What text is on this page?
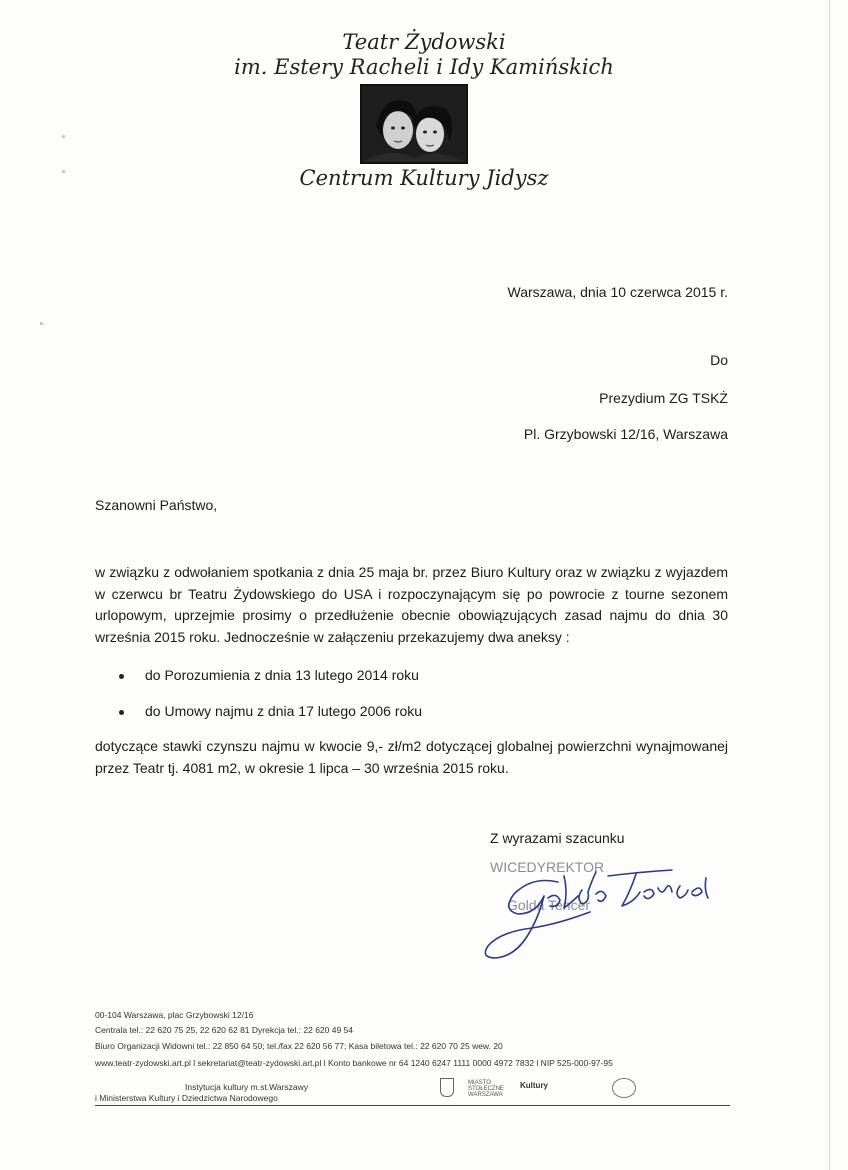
Teatr Żydowski
im. Estery Racheli i Idy Kamińskich
Centrum Kultury Jidysz
Warszawa, dnia 10 czerwca 2015 r.
Do
Prezydium ZG TSKŻ
Pl. Grzybowski 12/16, Warszawa
Szanowni Państwo,
w związku z odwołaniem spotkania z dnia 25 maja br. przez Biuro Kultury oraz w związku z wyjazdem w czerwcu br Teatru Żydowskiego do USA i rozpoczynającym się po powrocie z tourne sezonem urlopowym, uprzejmie prosimy o przedłużenie obecnie obowiązujących zasad najmu do dnia 30 września 2015 roku. Jednocześnie w załączeniu przekazujemy dwa aneksy :
do Porozumienia z dnia 13 lutego 2014 roku
do Umowy najmu z dnia 17 lutego 2006 roku
dotyczące stawki czynszu najmu w kwocie 9,- zł/m2 dotyczącej globalnej powierzchni wynajmowanej przez Teatr tj. 4081 m2, w okresie 1 lipca – 30 września 2015 roku.
Z wyrazami szacunku
WICEDYREKTOR
Golda Tencer
00-104 Warszawa, plac Grzybowski 12/16
Centrala tel.: 22 620 75 25, 22 620 62 81 Dyrekcja tel.: 22 620 49 54
Biuro Organizacji Widowni tel.: 22 850 64 50; tel./fax 22 620 56 77; Kasa biletowa tel.: 22 620 70 25 wew. 20
www.teatr-zydowski.art.pl l sekretariat@teatr-zydowski.art.pl l Konto bankowe nr 64 1240 6247 1111 0000 4972 7832 l NIP 525-000-97-95
Instytucja kultury m.st.Warszawy
i Ministerstwa Kultury i Dziedzictwa Narodowego
MIASTO STOŁECZNE WARSZAWA
Kultury
